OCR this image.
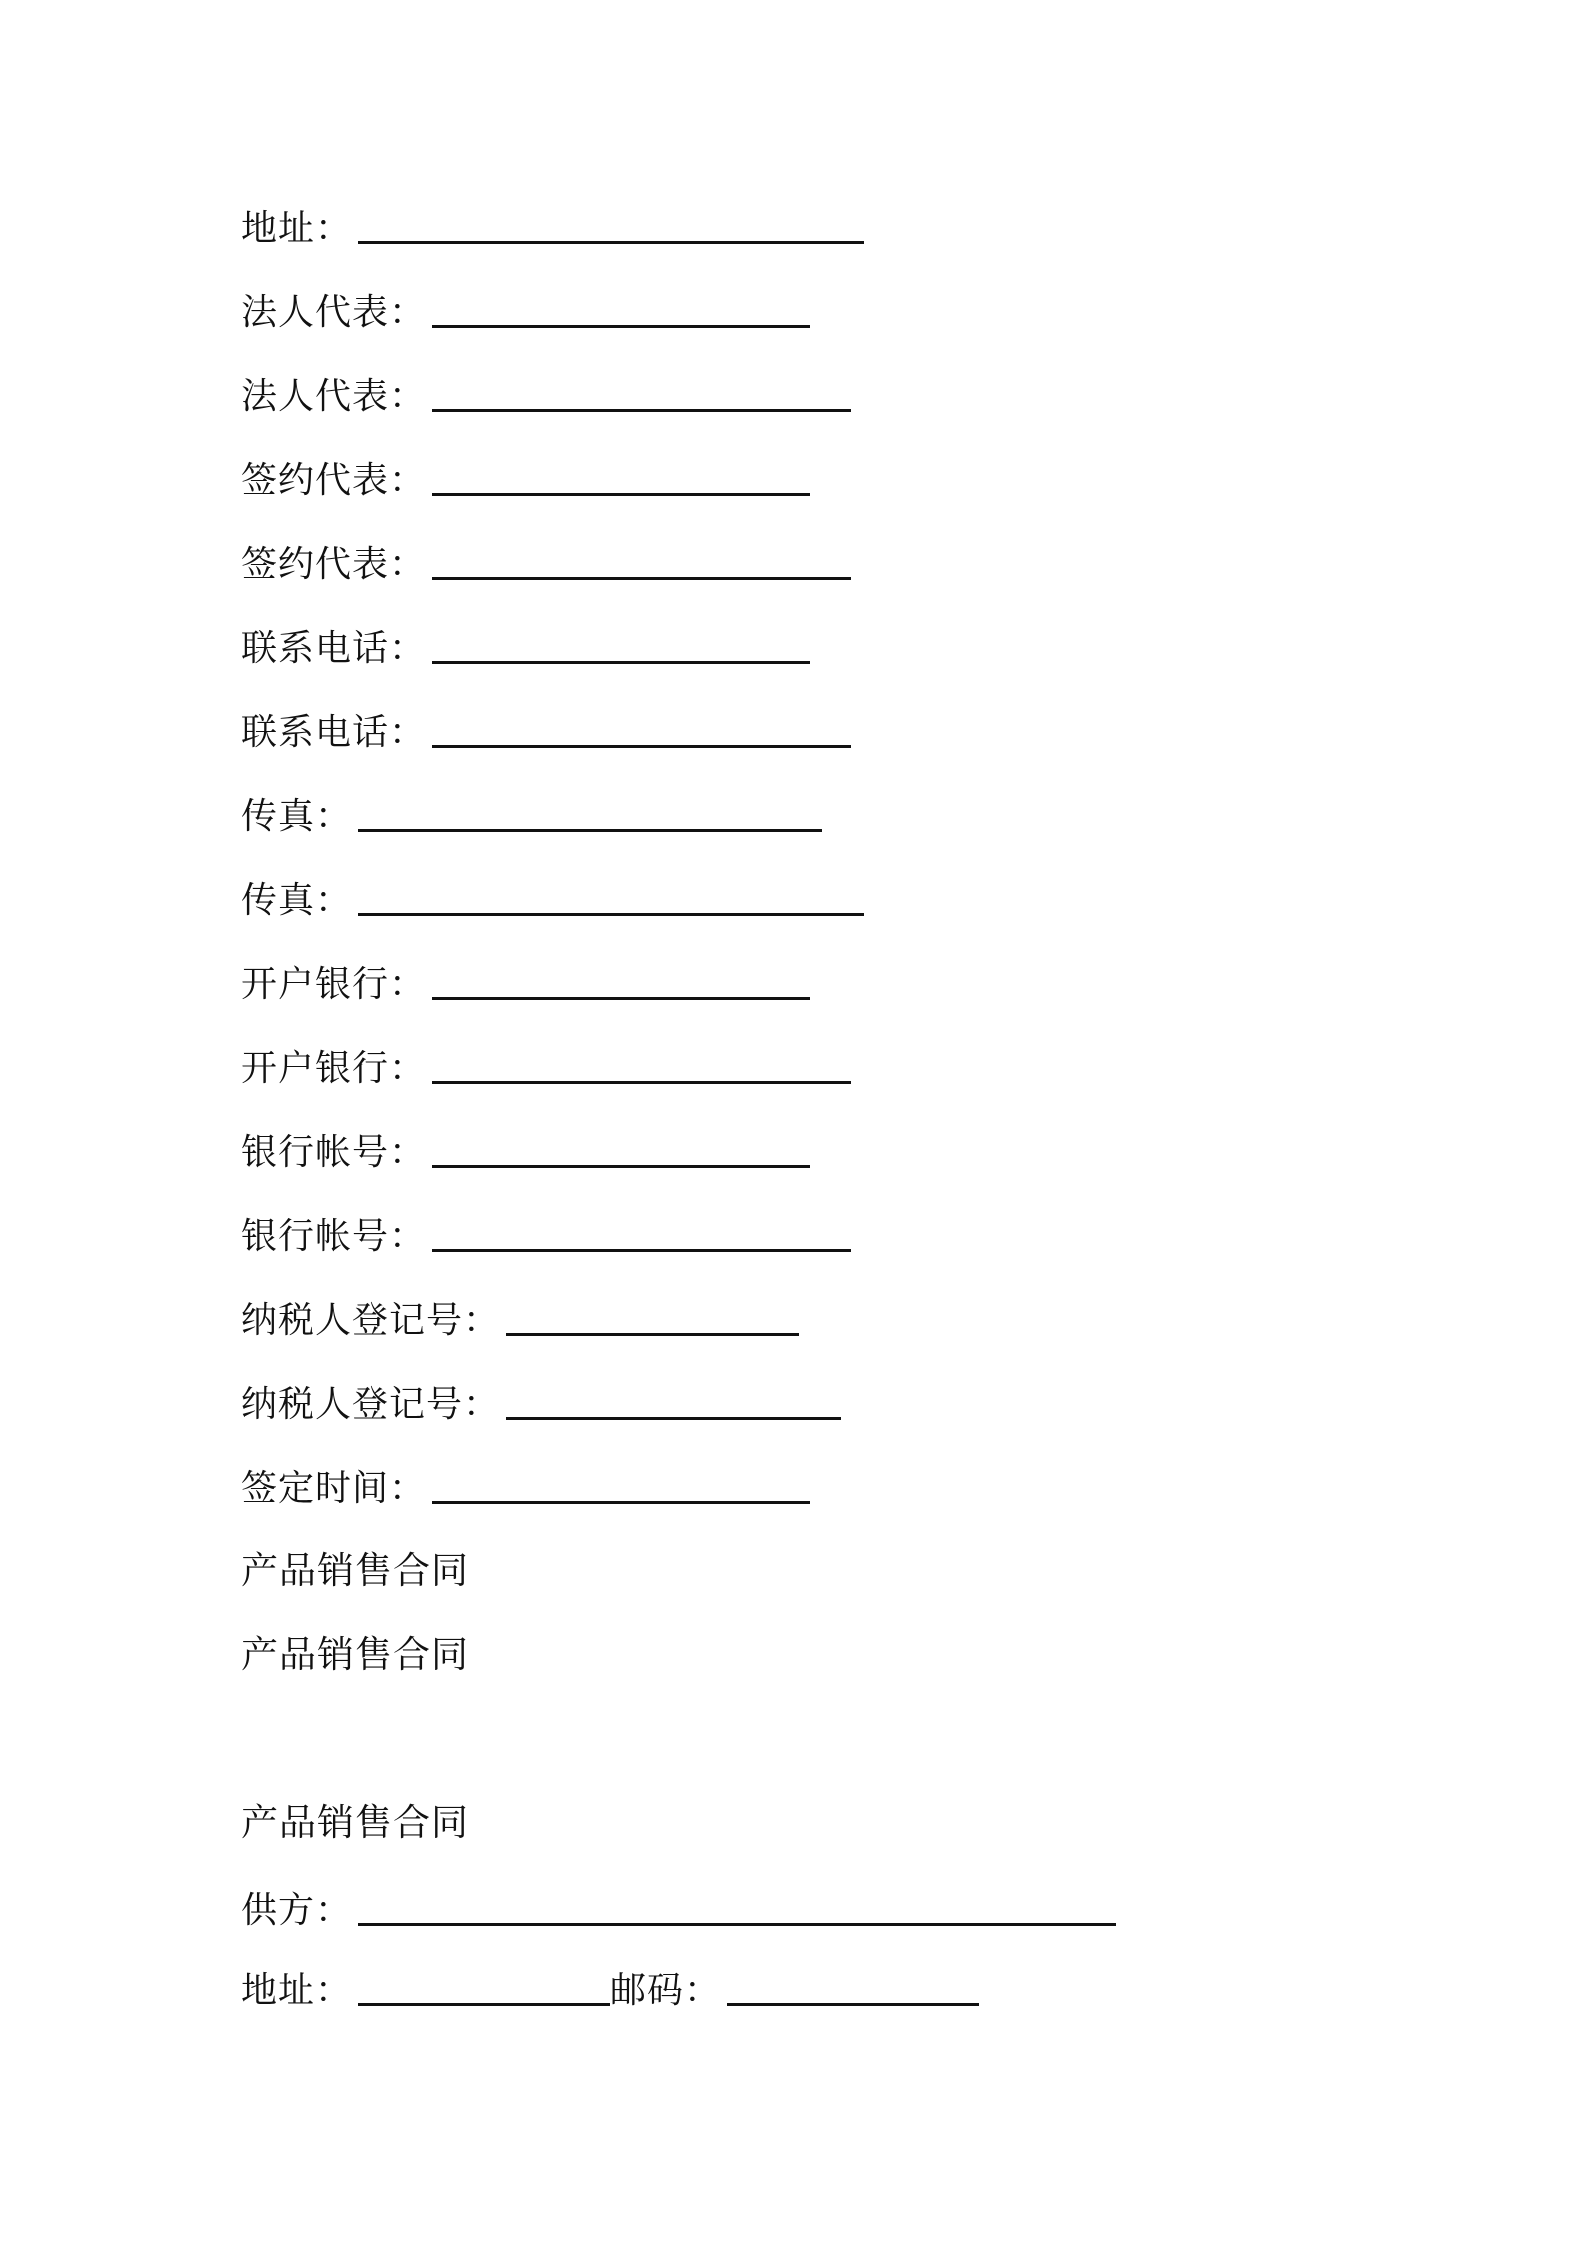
地址：
法人代表：
法人代表：
签约代表：
签约代表：
联系电话：
联系电话：
传真：
传真：
开户银行：
开户银行：
银行帐号：
银行帐号：
纳税人登记号：
纳税人登记号：
签定时间：
产品销售合同
产品销售合同
产品销售合同
供方：
地址：	邮码：
